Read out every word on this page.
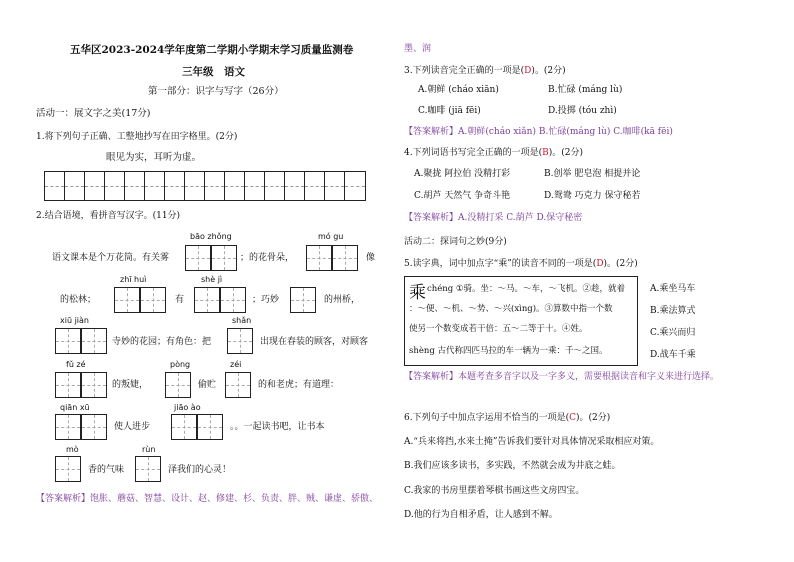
五华区2023-2024学年度第二学期小学期末学习质量监测卷
三年级　语文
第一部分：识字与写字（26分）
活动一：展文字之美(17分)
1.将下列句子正确、工整地抄写在田字格里。(2分)
眼见为实，耳听为虚。
2.结合语境，看拼音写汉字。(11分)
bāo zhǒng	mó gu
语文课本是个万花筒。有关雾	；的花骨朵，	像
zhī huì	shè jì
的松林；	有	；巧妙	的州桥，
xiū jiàn	shǎn
寺妙的花园；有角色：把	出现在春装的顾客，对顾客
fǔ zé	pòng	zéi
的叛婕，	偷贮	的和老虎；有道理：
qiān xū	jiāo ào
使人进步	。。一起读书吧，让书本
mò	rùn
香的气味	泽我们的心灵！
【答案解析】饱胀、蘑菇、智慧、设计、赵、修建、杉、负责、胖、贼、谦虚、骄傲、
墨、润
3.下列读音完全正确的一项是(D)。(2分)
A.朝鲜 (cháo xiān)	B.忙碌 (máng lù)
C.咖啡 (jiā fēi)	D.投掷 (tóu zhì)
【答案解析】A.朝鲜(cháo xiǎn) B.忙碌(máng lù) C.咖啡(kā fēi)
4.下列词语书写完全正确的一项是(B)。(2分)
A.聚拢 阿拉伯 没精打彩	B.创举 肥皂泡 相提并论
C.胡芦 天然气 争奇斗艳	D.鸳鸯 巧克力 保守秘若
【答案解析】A.没精打采 C.葫芦 D.保守秘密
活动二：探词句之妙(9分)
5.读字典，词中加点字“乘”的读音不同的一项是(D)。(2分)
乘 chéng ①骑。坐：～马。～车，～飞机。②趁，就着
：～便、～机、～势、～兴(xìng)。③算数中指一个数
使另一个数变成若干倍：五～二等于十。④姓。
shèng 古代称四匹马拉的车一辆为一乘：千～之国。
A.乘坐马车
B.乘法算式
C.乘兴而归
D.战车千乘
【答案解析】本题考查多音字以及一字多义，需要根据读音和字义来进行选择。
6.下列句子中加点字运用不恰当的一项是(C)。(2分)
A.“兵来将挡,水来土掩”告诉我们要针对具体情况采取相应对策。
B.我们应该多读书，多实践，不然就会成为井底之蛙。
C.我家的书房里摆着琴棋书画这些文房四宝。
D.他的行为自相矛盾，让人感到不解。
